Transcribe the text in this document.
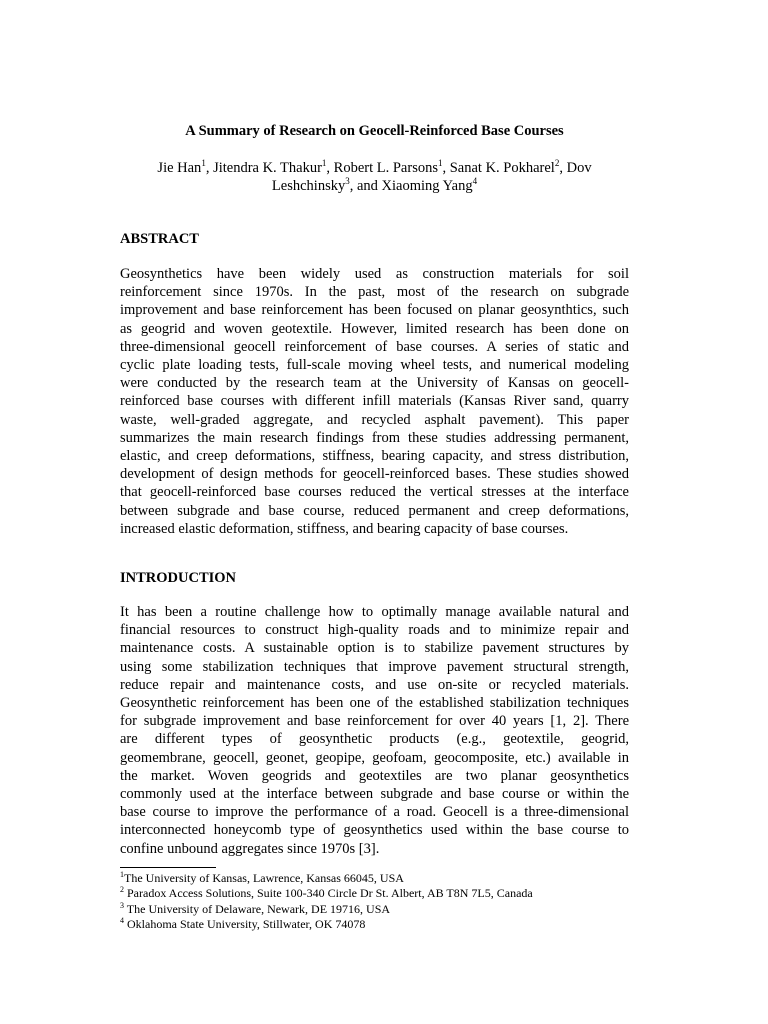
A Summary of Research on Geocell-Reinforced Base Courses
Jie Han$^1$, Jitendra K. Thakur$^1$, Robert L. Parsons$^1$, Sanat K. Pokharel$^2$, Dov
Leshchinsky$^3$, and Xiaoming Yang$^4$
ABSTRACT
Geosynthetics have been widely used as construction materials for soil
reinforcement since 1970s. In the past, most of the research on subgrade
improvement and base reinforcement has been focused on planar geosynthtics, such
as geogrid and woven geotextile. However, limited research has been done on
three-dimensional geocell reinforcement of base courses. A series of static and
cyclic plate loading tests, full-scale moving wheel tests, and numerical modeling
were conducted by the research team at the University of Kansas on geocell-
reinforced base courses with different infill materials (Kansas River sand, quarry
waste, well-graded aggregate, and recycled asphalt pavement). This paper
summarizes the main research findings from these studies addressing permanent,
elastic, and creep deformations, stiffness, bearing capacity, and stress distribution,
development of design methods for geocell-reinforced bases. These studies showed
that geocell-reinforced base courses reduced the vertical stresses at the interface
between subgrade and base course, reduced permanent and creep deformations,
increased elastic deformation, stiffness, and bearing capacity of base courses.
INTRODUCTION
It has been a routine challenge how to optimally manage available natural and
financial resources to construct high-quality roads and to minimize repair and
maintenance costs. A sustainable option is to stabilize pavement structures by
using some stabilization techniques that improve pavement structural strength,
reduce repair and maintenance costs, and use on-site or recycled materials.
Geosynthetic reinforcement has been one of the established stabilization techniques
for subgrade improvement and base reinforcement for over 40 years [1, 2]. There
are different types of geosynthetic products (e.g., geotextile, geogrid,
geomembrane, geocell, geonet, geopipe, geofoam, geocomposite, etc.) available in
the market. Woven geogrids and geotextiles are two planar geosynthetics
commonly used at the interface between subgrade and base course or within the
base course to improve the performance of a road. Geocell is a three-dimensional
interconnected honeycomb type of geosynthetics used within the base course to
confine unbound aggregates since 1970s [3].
$^1$The University of Kansas, Lawrence, Kansas 66045, USA
$^2$ Paradox Access Solutions, Suite 100-340 Circle Dr St. Albert, AB T8N 7L5, Canada
$^3$ The University of Delaware, Newark, DE 19716, USA
$^4$ Oklahoma State University, Stillwater, OK 74078
